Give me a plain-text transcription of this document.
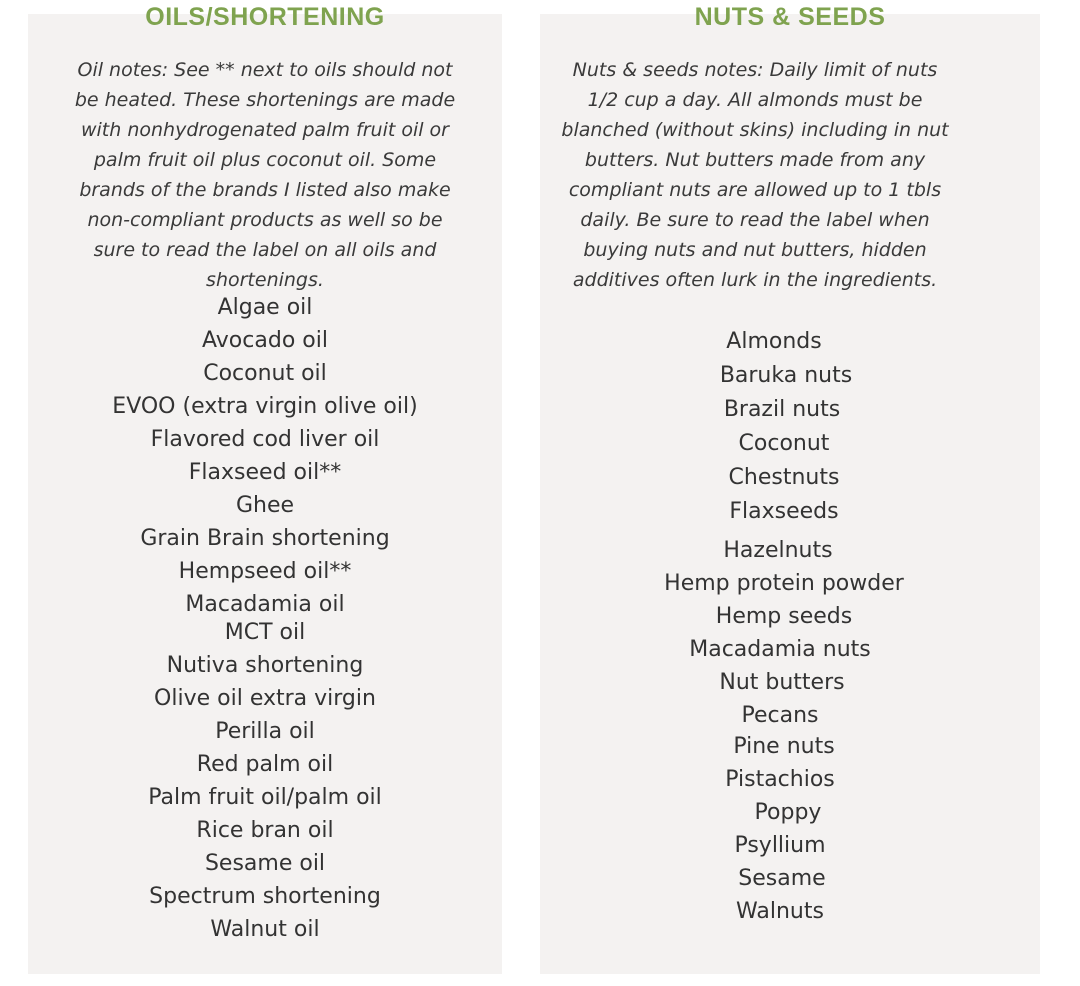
OILS/SHORTENING
Oil notes: See ** next to oils should not be heated. These shortenings are made with nonhydrogenated palm fruit oil or palm fruit oil plus coconut oil. Some brands of the brands I listed also make non-compliant products as well so be sure to read the label on all oils and shortenings.
Algae oil
Avocado oil
Coconut oil
EVOO (extra virgin olive oil)
Flavored cod liver oil
Flaxseed oil**
Ghee
Grain Brain shortening
Hempseed oil**
Macadamia oil
MCT oil
Nutiva shortening
Olive oil extra virgin
Perilla oil
Red palm oil
Palm fruit oil/palm oil
Rice bran oil
Sesame oil
Spectrum shortening
Walnut oil
NUTS & SEEDS
Nuts & seeds notes: Daily limit of nuts 1/2 cup a day. All almonds must be blanched (without skins) including in nut butters. Nut butters made from any compliant nuts are allowed up to 1 tbls daily. Be sure to read the label when buying nuts and nut butters, hidden additives often lurk in the ingredients.
Almonds
Baruka nuts
Brazil nuts
Coconut
Chestnuts
Flaxseeds
Hazelnuts
Hemp protein powder
Hemp seeds
Macadamia nuts
Nut butters
Pecans
Pine nuts
Pistachios
Poppy
Psyllium
Sesame
Walnuts
